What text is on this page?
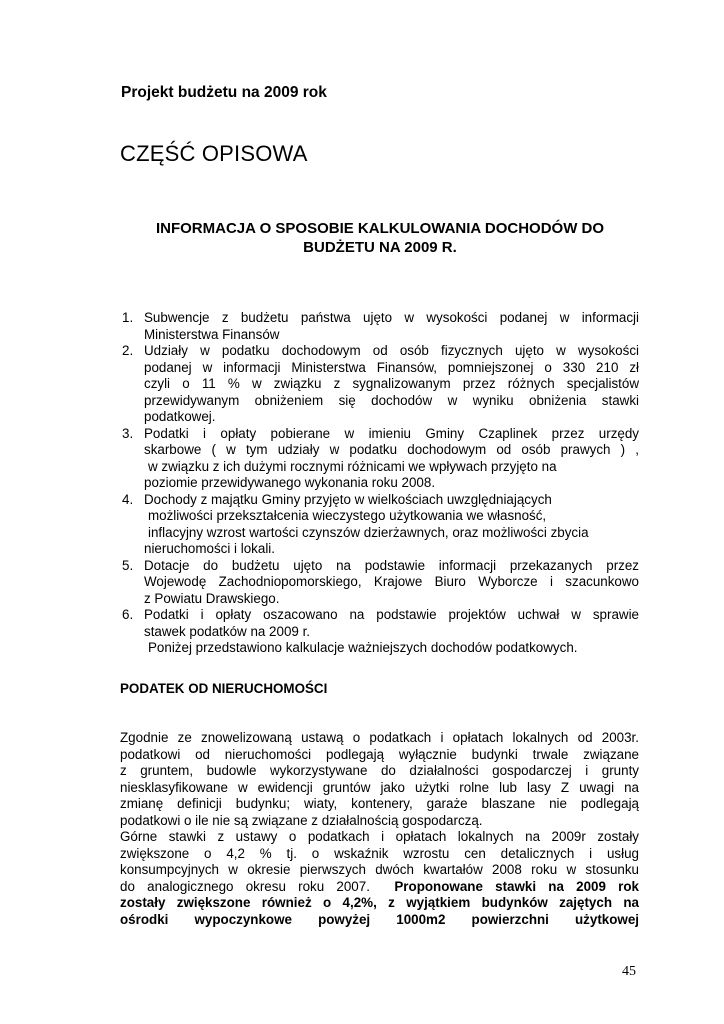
Projekt budżetu na 2009 rok
CZĘŚĆ OPISOWA
INFORMACJA O SPOSOBIE KALKULOWANIA DOCHODÓW DO
BUDŻETU NA 2009 R.
1. Subwencje z budżetu państwa ujęto w wysokości podanej w informacji
Ministerstwa Finansów
2. Udziały w podatku dochodowym od osób fizycznych ujęto w wysokości
podanej w informacji Ministerstwa Finansów, pomniejszonej o 330 210 zł
czyli o 11 % w związku z sygnalizowanym przez różnych specjalistów
przewidywanym obniżeniem się dochodów w wyniku obniżenia stawki
podatkowej.
3. Podatki i opłaty pobierane w imieniu Gminy Czaplinek przez urzędy
skarbowe ( w tym udziały w podatku dochodowym od osób prawych ) ,
w związku z ich dużymi rocznymi różnicami we wpływach przyjęto na
poziomie przewidywanego wykonania roku 2008.
4. Dochody z majątku Gminy przyjęto w wielkościach uwzględniających
możliwości przekształcenia wieczystego użytkowania we własność,
inflacyjny wzrost wartości czynszów dzierżawnych, oraz możliwości zbycia
nieruchomości i lokali.
5. Dotacje do budżetu ujęto na podstawie informacji przekazanych przez
Wojewodę Zachodniopomorskiego, Krajowe Biuro Wyborcze i szacunkowo
z Powiatu Drawskiego.
6. Podatki i opłaty oszacowano na podstawie projektów uchwał w sprawie
stawek podatków na 2009 r.
Poniżej przedstawiono kalkulacje ważniejszych dochodów podatkowych.
PODATEK OD NIERUCHOMOŚCI

Zgodnie ze znowelizowaną ustawą o podatkach i opłatach lokalnych od 2003r.
podatkowi od nieruchomości podlegają wyłącznie budynki trwale związane
z gruntem, budowle wykorzystywane do działalności gospodarczej i grunty
niesklasyfikowane w ewidencji gruntów jako użytki rolne lub lasy Z uwagi na
zmianę definicji budynku; wiaty, kontenery, garaże blaszane nie podlegają
podatkowi o ile nie są związane z działalnością gospodarczą.
Górne stawki z ustawy o podatkach i opłatach lokalnych na 2009r zostały
zwiększone o 4,2 % tj. o wskaźnik wzrostu cen detalicznych i usług
konsumpcyjnych w okresie pierwszych dwóch kwartałów 2008 roku w stosunku
do analogicznego okresu roku 2007.  Proponowane stawki na 2009 rok
zostały zwiększone również o 4,2%, z wyjątkiem budynków zajętych na
ośrodki wypoczynkowe powyżej 1000m2 powierzchni użytkowej

45
